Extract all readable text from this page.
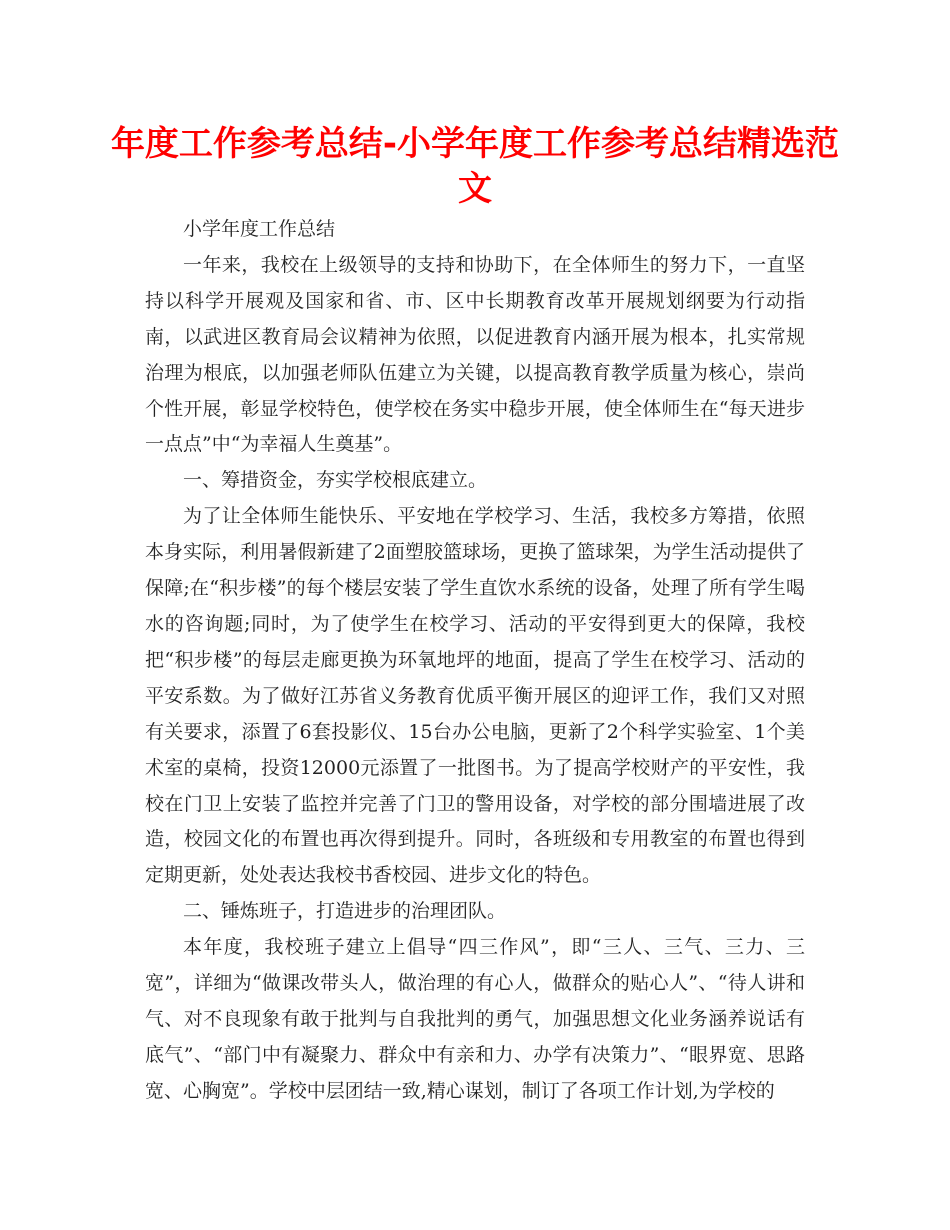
年度工作参考总结-小学年度工作参考总结精选范文

小学年度工作总结

一年来，我校在上级领导的支持和协助下，在全体师生的努力下，一直坚持以科学开展观及国家和省、市、区中长期教育改革开展规划纲要为行动指南，以武进区教育局会议精神为依照，以促进教育内涵开展为根本，扎实常规治理为根底，以加强老师队伍建立为关键，以提高教育教学质量为核心，崇尚个性开展，彰显学校特色，使学校在务实中稳步开展，使全体师生在“每天进步一点点”中“为幸福人生奠基”。

一、筹措资金，夯实学校根底建立。

为了让全体师生能快乐、平安地在学校学习、生活，我校多方筹措，依照本身实际，利用暑假新建了2面塑胶篮球场，更换了篮球架，为学生活动提供了保障;在“积步楼”的每个楼层安装了学生直饮水系统的设备，处理了所有学生喝水的咨询题;同时，为了使学生在校学习、活动的平安得到更大的保障，我校把“积步楼”的每层走廊更换为环氧地坪的地面，提高了学生在校学习、活动的平安系数。为了做好江苏省义务教育优质平衡开展区的迎评工作，我们又对照有关要求，添置了6套投影仪、15台办公电脑，更新了2个科学实验室、1个美术室的桌椅，投资12000元添置了一批图书。为了提高学校财产的平安性，我校在门卫上安装了监控并完善了门卫的警用设备，对学校的部分围墙进展了改造，校园文化的布置也再次得到提升。同时，各班级和专用教室的布置也得到定期更新，处处表达我校书香校园、进步文化的特色。

二、锤炼班子，打造进步的治理团队。

本年度，我校班子建立上倡导“四三作风”，即“三人、三气、三力、三宽”，详细为“做课改带头人，做治理的有心人，做群众的贴心人”、“待人讲和气、对不良现象有敢于批判与自我批判的勇气，加强思想文化业务涵养说话有底气”、“部门中有凝聚力、群众中有亲和力、办学有决策力”、“眼界宽、思路宽、心胸宽”。学校中层团结一致,精心谋划，制订了各项工作计划,为学校的
